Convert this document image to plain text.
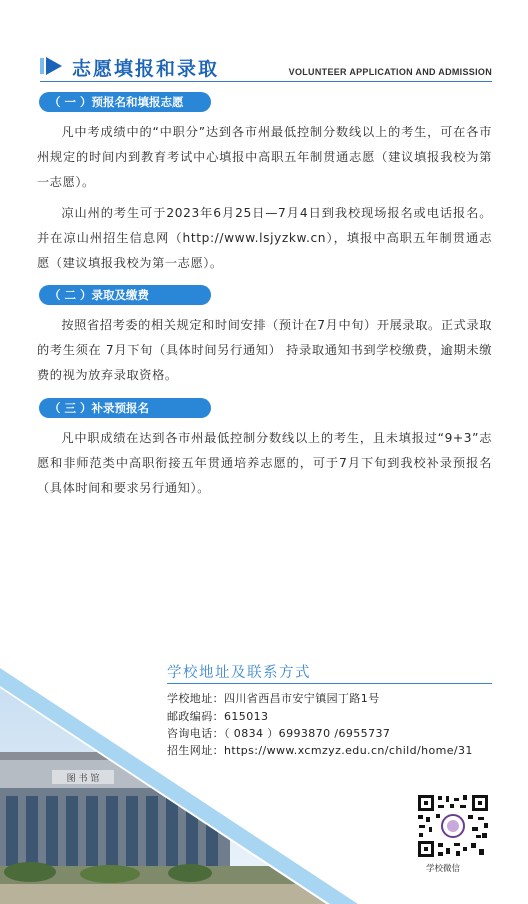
志愿填报和录取	VOLUNTEER APPLICATION AND ADMISSION
（ 一 ）预报名和填报志愿

凡中考成绩中的“中职分”达到各市州最低控制分数线以上的考生，可在各市州规定的时间内到教育考试中心填报中高职五年制贯通志愿（建议填报我校为第一志愿）。

凉山州的考生可于2023年6月25日—7月4日到我校现场报名或电话报名。并在凉山州招生信息网（http://www.lsjyzkw.cn），填报中高职五年制贯通志愿（建议填报我校为第一志愿）。

（ 二 ）录取及缴费

按照省招考委的相关规定和时间安排（预计在7月中旬）开展录取。正式录取的考生须在 7月下旬（具体时间另行通知） 持录取通知书到学校缴费，逾期未缴费的视为放弃录取资格。

（ 三 ）补录预报名

凡中职成绩在达到各市州最低控制分数线以上的考生，且未填报过“9+3”志愿和非师范类中高职衔接五年贯通培养志愿的，可于7月下旬到我校补录预报名（具体时间和要求另行通知）。

图 书 馆
学校地址及联系方式
学校地址：四川省西昌市安宁镇园丁路1号
邮政编码：615013
咨询电话：（ 0834 ）6993870 /6955737
招生网址：https://www.xcmzyz.edu.cn/child/home/31
学校微信
